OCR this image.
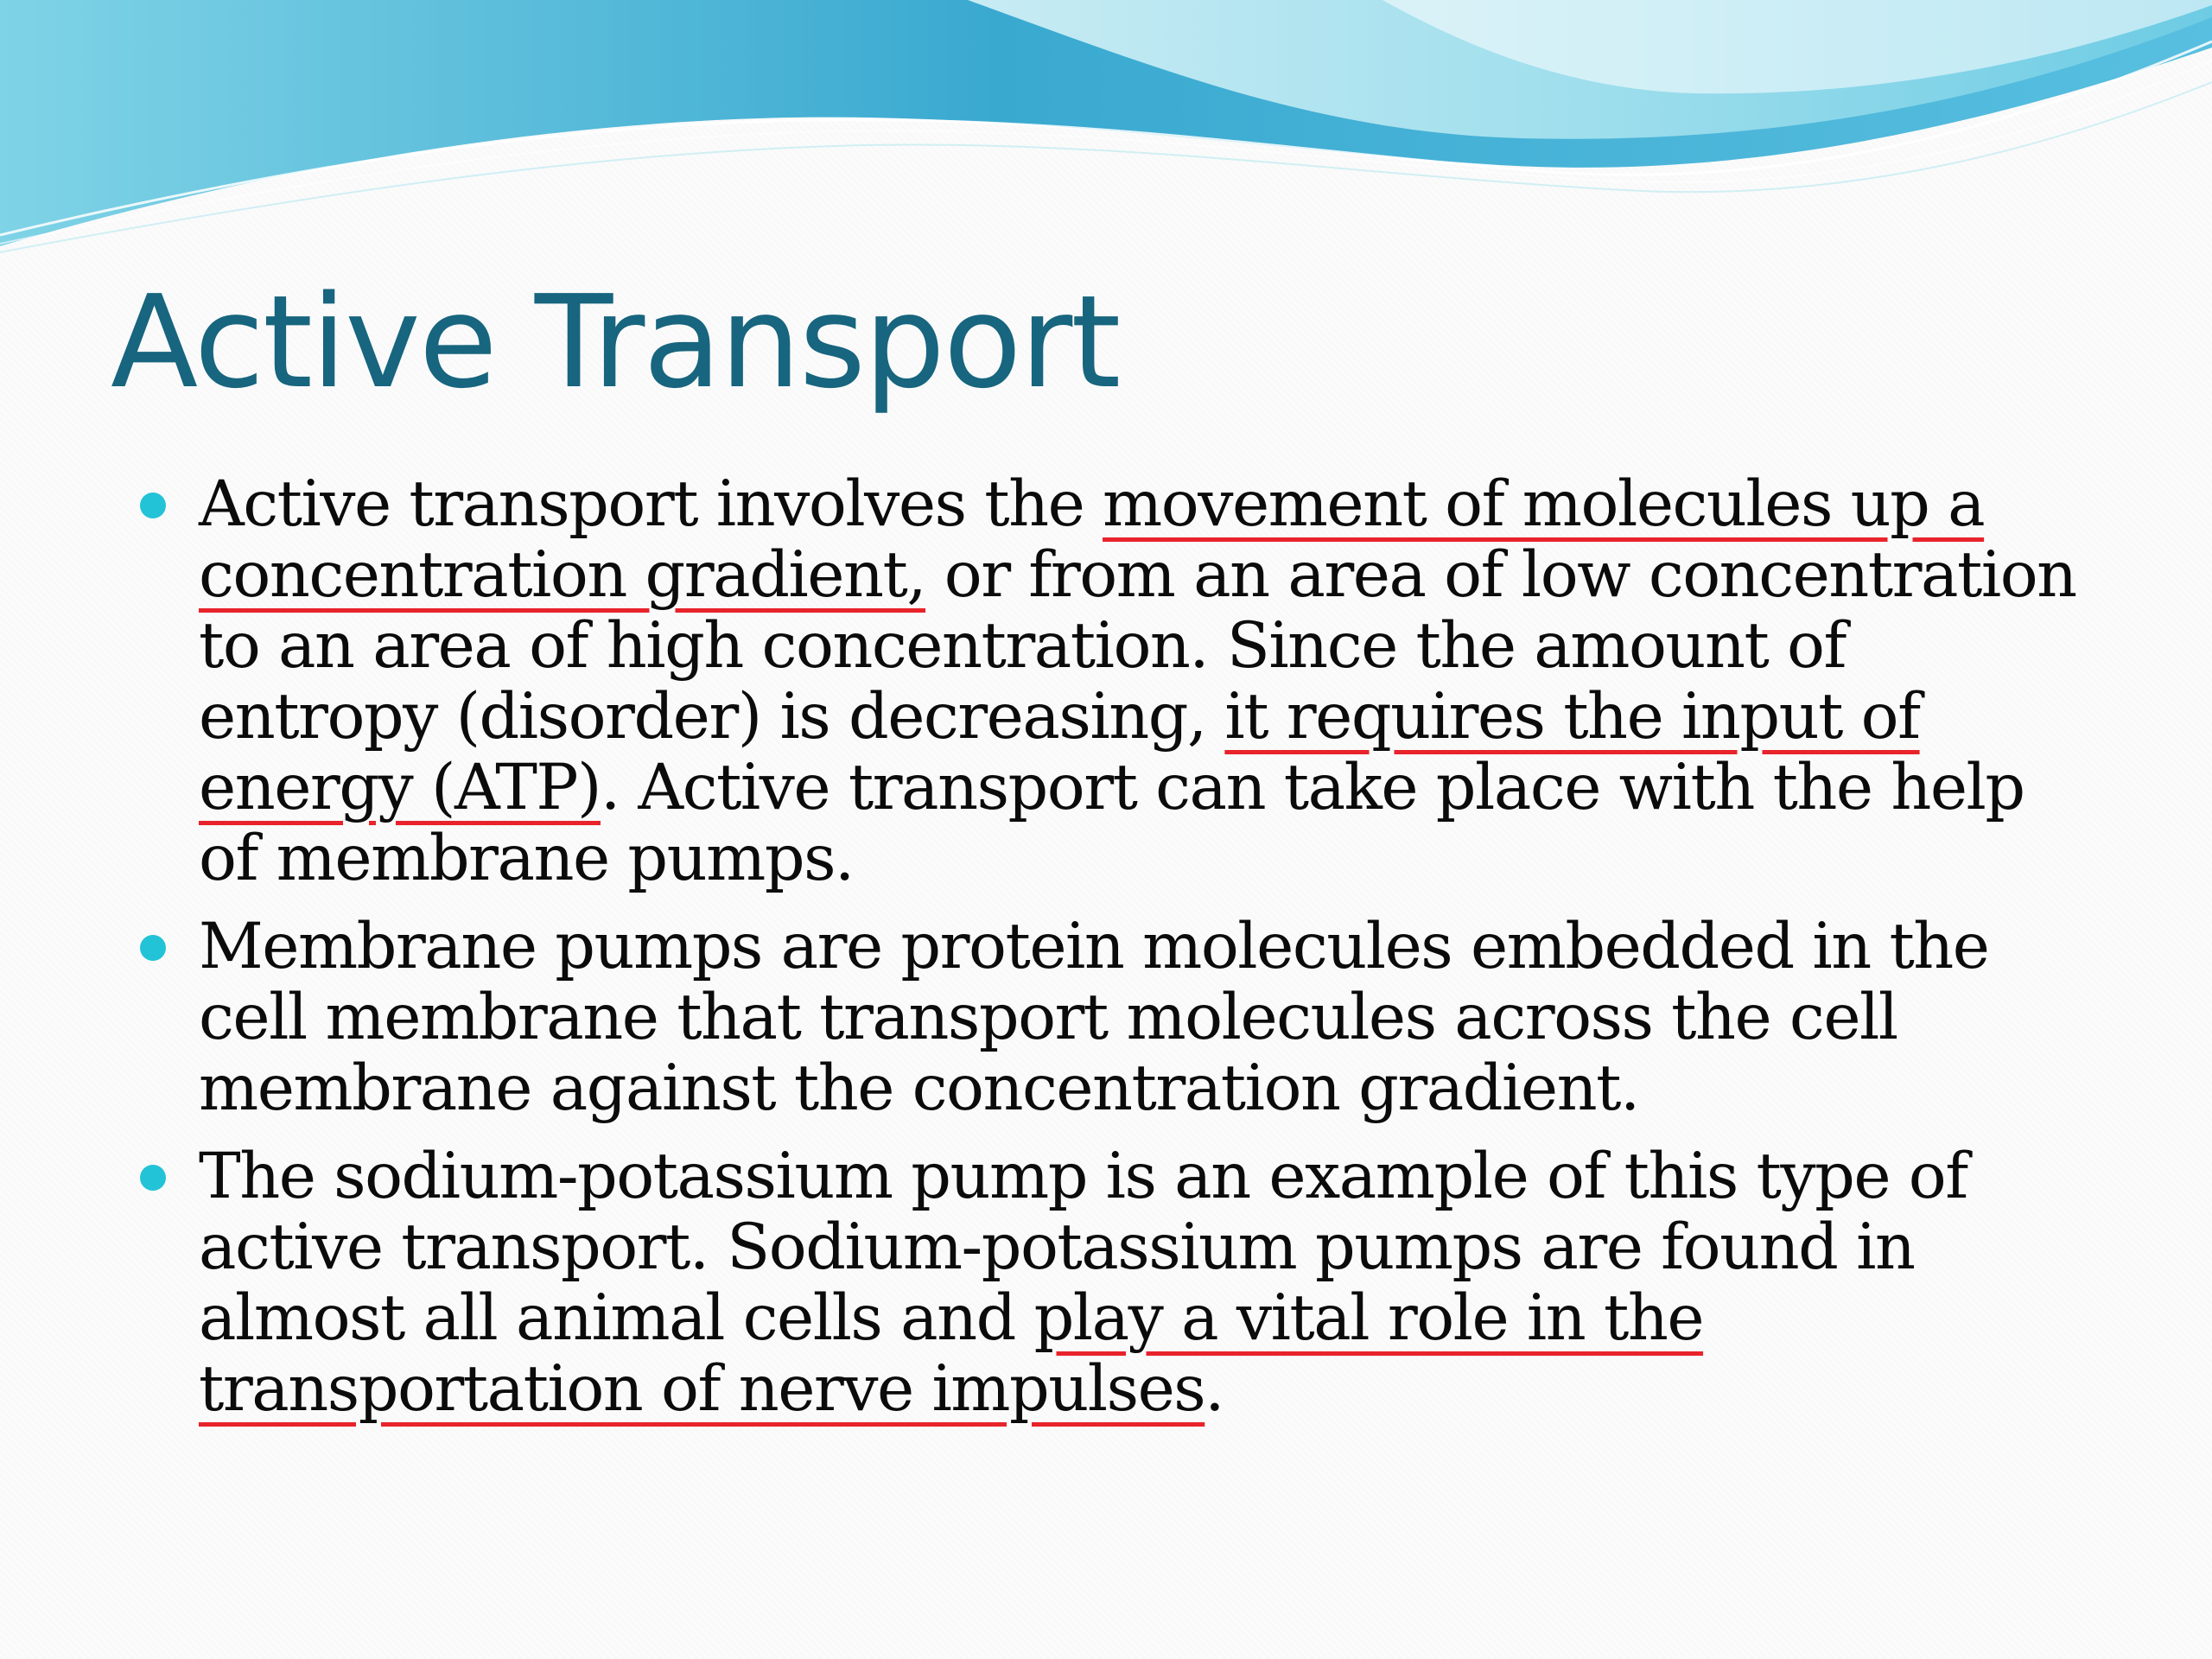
Active Transport
Active transport involves the movement of molecules up a concentration gradient, or from an area of low concentration to an area of high concentration. Since the amount of entropy (disorder) is decreasing, it requires the input of energy (ATP). Active transport can take place with the help of membrane pumps.
Membrane pumps are protein molecules embedded in the cell membrane that transport molecules across the cell membrane against the concentration gradient.
The sodium-potassium pump is an example of this type of active transport. Sodium-potassium pumps are found in almost all animal cells and play a vital role in the transportation of nerve impulses.
